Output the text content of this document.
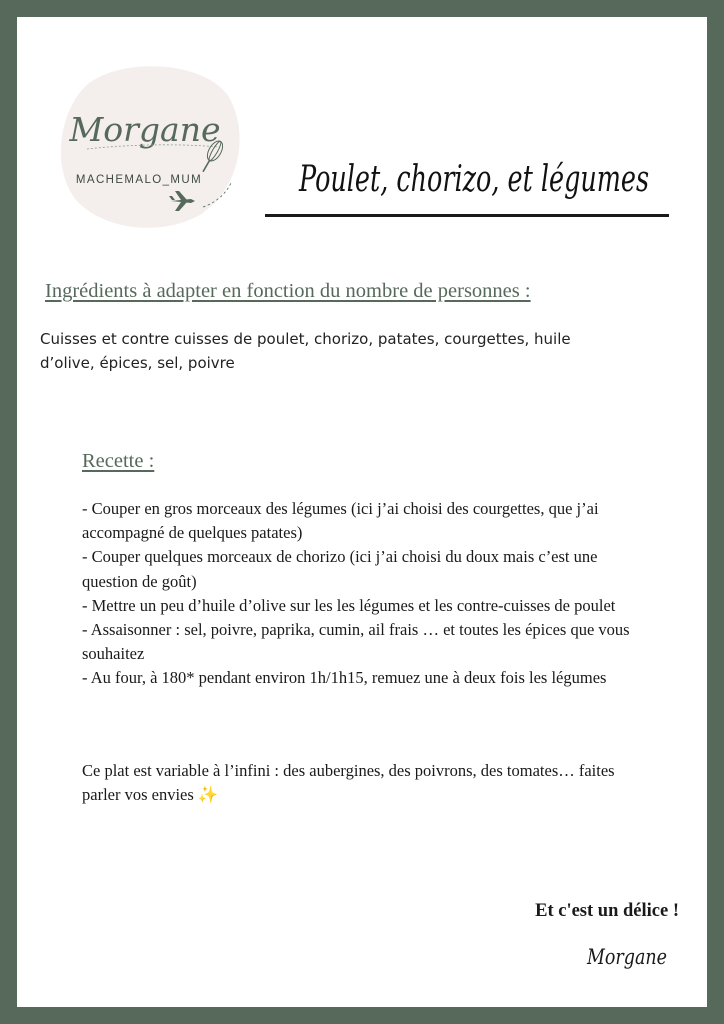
Morgane
MACHEMALO_MUM	Poulet, chorizo, et légumes
Ingrédients à adapter en fonction du nombre de personnes :
Cuisses et contre cuisses de poulet, chorizo, patates, courgettes, huile d’olive, épices, sel, poivre
Recette :
- Couper en gros morceaux des légumes (ici j’ai choisi des courgettes, que j’ai accompagné de quelques patates)
- Couper quelques morceaux de chorizo (ici j’ai choisi du doux mais c’est une question de goût)
- Mettre un peu d’huile d’olive sur les les légumes et les contre-cuisses de poulet
- Assaisonner : sel, poivre, paprika, cumin, ail frais … et toutes les épices que vous souhaitez
- Au four, à 180* pendant environ 1h/1h15, remuez une à deux fois les légumes
Ce plat est variable à l’infini : des aubergines, des poivrons, des tomates… faites parler vos envies ✨
Et c'est un délice !
Morgane
